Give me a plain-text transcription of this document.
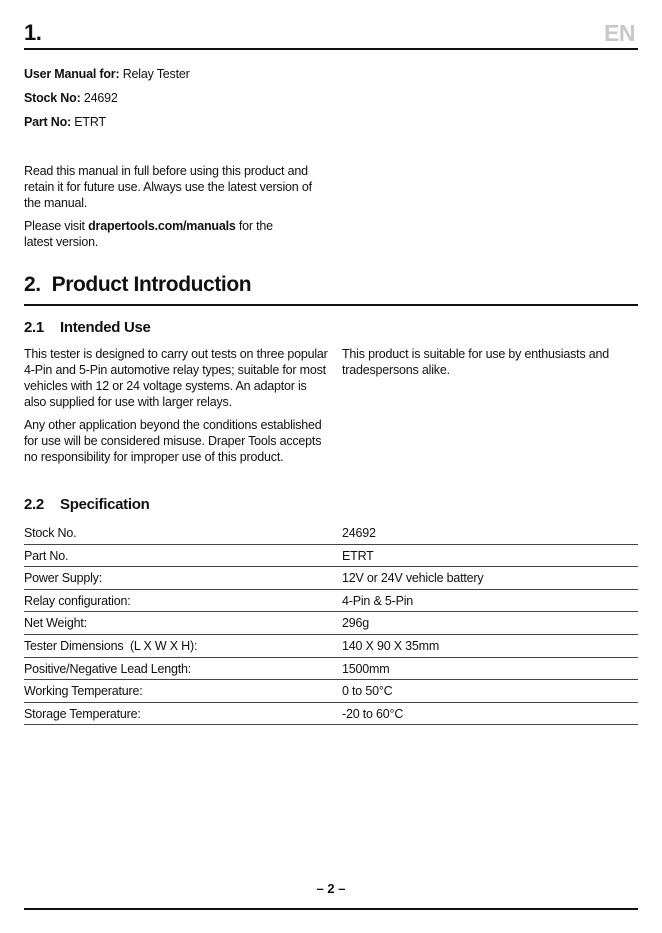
1.	EN
User Manual for: Relay Tester
Stock No: 24692
Part No: ETRT
Read this manual in full before using this product and
retain it for future use. Always use the latest version of
the manual.
Please visit drapertools.com/manuals for the
latest version.
2.  Product Introduction
2.1 Intended Use
This tester is designed to carry out tests on three popular
4-Pin and 5-Pin automotive relay types; suitable for most
vehicles with 12 or 24 voltage systems. An adaptor is
also supplied for use with larger relays.
Any other application beyond the conditions established
for use will be considered misuse. Draper Tools accepts
no responsibility for improper use of this product.
This product is suitable for use by enthusiasts and
tradespersons alike.
2.2 Specification
Stock No.	24692
Part No.	ETRT
Power Supply:	12V or 24V vehicle battery
Relay configuration:	4-Pin & 5-Pin
Net Weight:	296g
Tester Dimensions  (L X W X H):	140 X 90 X 35mm
Positive/Negative Lead Length:	1500mm
Working Temperature:	0 to 50°C
Storage Temperature:	-20 to 60°C
– 2 –
